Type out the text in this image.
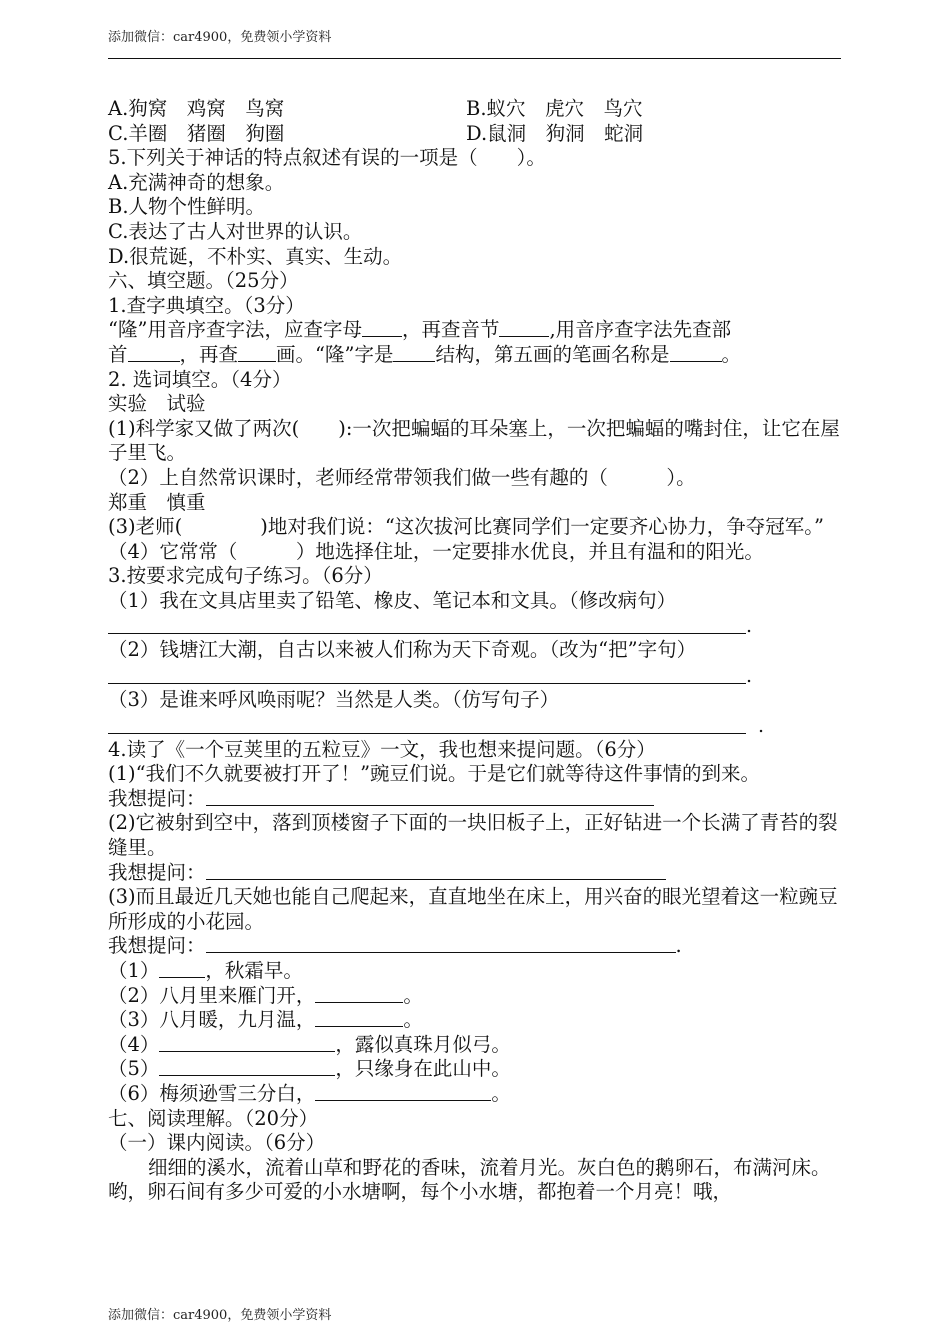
添加微信：car4900，免费领小学资料
A.狗窝　鸡窝　鸟窝	B.蚁穴　虎穴　鸟穴
C.羊圈　猪圈　狗圈	D.鼠洞　狗洞　蛇洞
5.下列关于神话的特点叙述有误的一项是（　　）。
A.充满神奇的想象。
B.人物个性鲜明。
C.表达了古人对世界的认识。
D.很荒诞，不朴实、真实、生动。
六、填空题。（25分）
1.查字典填空。（3分）
“隆”用音序查字法，应查字母 ，再查音节	,用音序查字法先查部
首	，再查 画。“隆”字是 结构，第五画的笔画名称是	。
2. 选词填空。（4分）
实验　试验
(1)科学家又做了两次(　　):一次把蝙蝠的耳朵塞上，一次把蝙蝠的嘴封住，让它在屋子里飞。
（2）上自然常识课时，老师经常带领我们做一些有趣的（　　　）。
郑重　慎重
(3)老师(　　　　)地对我们说：“这次拔河比赛同学们一定要齐心协力，争夺冠军。”
（4）它常常（　　　）地选择住址，一定要排水优良，并且有温和的阳光。
3.按要求完成句子练习。（6分）
（1）我在文具店里卖了铅笔、橡皮、笔记本和文具。（修改病句）
.
（2）钱塘江大潮，自古以来被人们称为天下奇观。（改为“把”字句）
.
（3）是谁来呼风唤雨呢？当然是人类。（仿写句子）
.
4.读了《一个豆荚里的五粒豆》一文，我也想来提问题。（6分）
(1)“我们不久就要被打开了！”豌豆们说。于是它们就等待这件事情的到来。
我想提问：
(2)它被射到空中，落到顶楼窗子下面的一块旧板子上，正好钻进一个长满了青苔的裂缝里。
我想提问：
(3)而且最近几天她也能自己爬起来，直直地坐在床上，用兴奋的眼光望着这一粒豌豆所形成的小花园。
我想提问：	.
（1） ，秋霜早。
（2）八月里来雁门开，	。
（3）八月暖，九月温，	。
（4）	，露似真珠月似弓。
（5）	，只缘身在此山中。
（6）梅须逊雪三分白，	。
七、阅读理解。（20分）
（一）课内阅读。（6分）
细细的溪水，流着山草和野花的香味，流着月光。灰白色的鹅卵石，布满河床。哟，卵石间有多少可爱的小水塘啊，每个小水塘，都抱着一个月亮！哦，
添加微信：car4900，免费领小学资料
